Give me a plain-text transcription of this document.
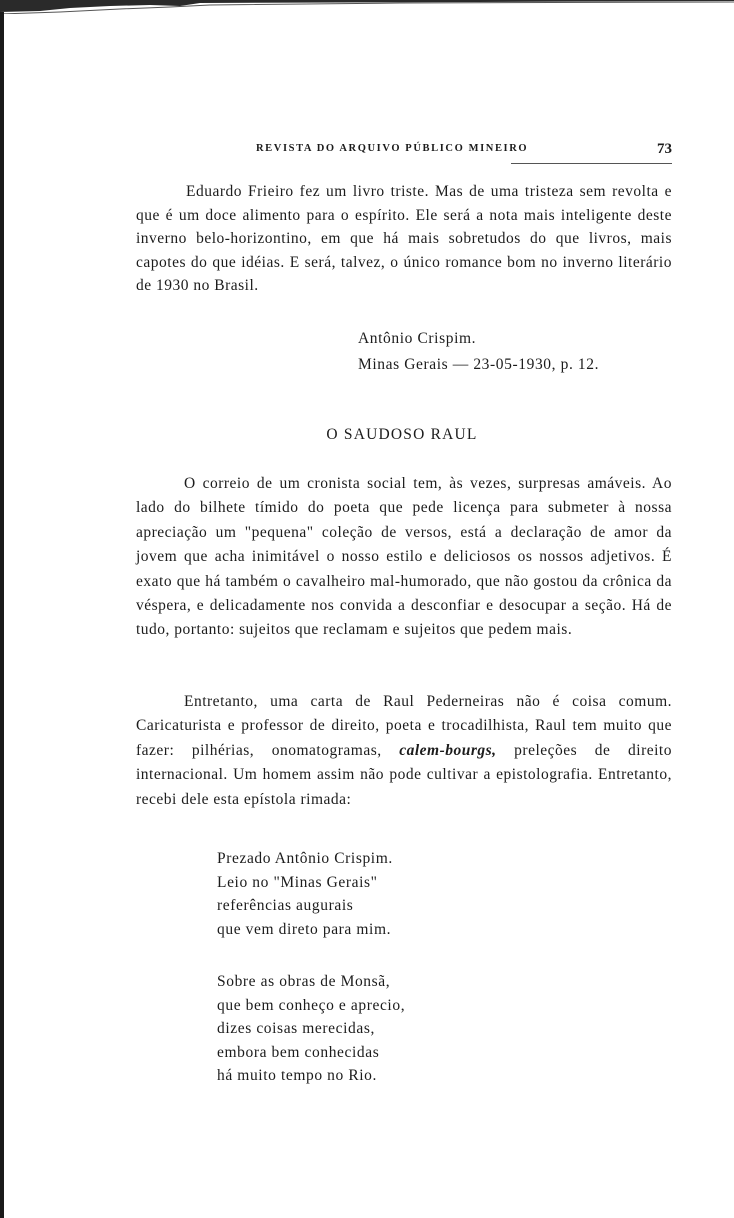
REVISTA DO ARQUIVO PÚBLICO MINEIRO	73

Eduardo Frieiro fez um livro triste. Mas de uma tristeza sem revolta e que é um doce alimento para o espírito. Ele será a nota mais inteligente deste inverno belo-horizontino, em que há mais sobretudos do que livros, mais capotes do que idéias. E será, talvez, o único romance bom no inverno literário de 1930 no Brasil.

Antônio Crispim.
Minas Gerais — 23-05-1930, p. 12.
O SAUDOSO RAUL

O correio de um cronista social tem, às vezes, surpresas amáveis. Ao lado do bilhete tímido do poeta que pede licença para submeter à nossa apreciação um "pequena" coleção de versos, está a declaração de amor da jovem que acha inimitável o nosso estilo e deliciosos os nossos adjetivos. É exato que há também o cavalheiro mal-humorado, que não gostou da crônica da véspera, e delicadamente nos convida a desconfiar e desocupar a seção. Há de tudo, portanto: sujeitos que reclamam e sujeitos que pedem mais.

Entretanto, uma carta de Raul Pederneiras não é coisa comum. Caricaturista e professor de direito, poeta e trocadilhista, Raul tem muito que fazer: pilhérias, onomatogramas, calem-bourgs, preleções de direito internacional. Um homem assim não pode cultivar a epistolografia. Entretanto, recebi dele esta epístola rimada:

Prezado Antônio Crispim.
Leio no "Minas Gerais"
referências augurais
que vem direto para mim.
Sobre as obras de Monsã,
que bem conheço e aprecio,
dizes coisas merecidas,
embora bem conhecidas
há muito tempo no Rio.
